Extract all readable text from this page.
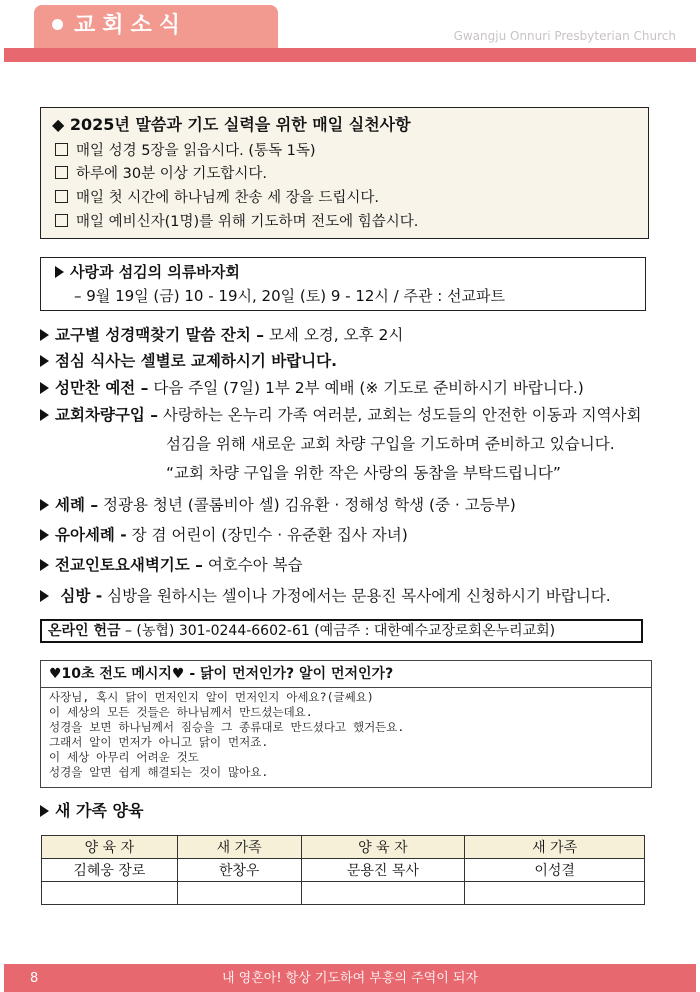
교회소식	Gwangju Onnuri Presbyterian Church
◆ 2025년 말씀과 기도 실력을 위한 매일 실천사항
매일 성경 5장을 읽읍시다. (통독 1독)
하루에 30분 이상 기도합시다.
매일 첫 시간에 하나님께 찬송 세 장을 드립시다.
매일 예비신자(1명)를 위해 기도하며 전도에 힘씁시다.
사랑과 섬김의 의류바자회
– 9월 19일 (금) 10 - 19시, 20일 (토) 9 - 12시 / 주관 : 선교파트
교구별 성경맥찾기 말씀 잔치 – 모세 오경, 오후 2시
점심 식사는 셀별로 교제하시기 바랍니다.
성만찬 예전 – 다음 주일 (7일) 1부 2부 예배 (※ 기도로 준비하시기 바랍니다.)
교회차량구입 – 사랑하는 온누리 가족 여러분, 교회는 성도들의 안전한 이동과 지역사회
섬김을 위해 새로운 교회 차량 구입을 기도하며 준비하고 있습니다.
“교회 차량 구입을 위한 작은 사랑의 동참을 부탁드립니다”
세례 – 정광용 청년 (콜롬비아 셀) 김유환 · 정해성 학생 (중 · 고등부)
유아세례 - 장 겸 어린이 (장민수 · 유준환 집사 자녀)
전교인토요새벽기도 – 여호수아 복습
심방 - 심방을 원하시는 셀이나 가정에서는 문용진 목사에게 신청하시기 바랍니다.
온라인 헌금 – (농협) 301-0244-6602-61 (예금주 : 대한예수교장로회온누리교회)
♥10초 전도 메시지♥ - 닭이 먼저인가? 알이 먼저인가?
사장님, 혹시 닭이 먼저인지 알이 먼저인지 아세요?(글쎄요)
이 세상의 모든 것들은 하나님께서 만드셨는데요.
성경을 보면 하나님께서 짐승을 그 종류대로 만드셨다고 했거든요.
그래서 알이 먼저가 아니고 닭이 먼저죠.
이 세상 아무리 어려운 것도
성경을 알면 쉽게 해결되는 것이 많아요.
새 가족 양육
양 육 자	새 가족	양 육 자	새 가족
김혜웅 장로	한창우	문용진 목사	이성결

내 영혼아! 항상 기도하여 부흥의 주역이 되자
8
